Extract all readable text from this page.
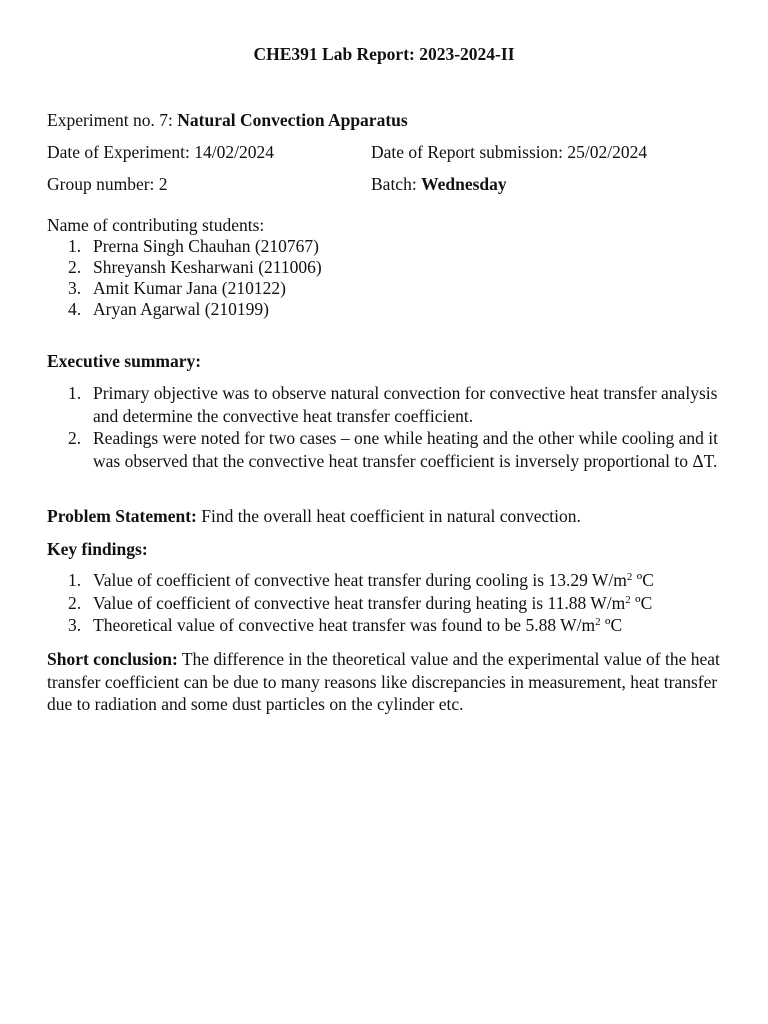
CHE391 Lab Report: 2023-2024-II
Experiment no. 7: Natural Convection Apparatus
Date of Experiment: 14/02/2024	Date of Report submission: 25/02/2024
Group number: 2	Batch: Wednesday
Name of contributing students:
1. Prerna Singh Chauhan (210767)
2. Shreyansh Kesharwani (211006)
3. Amit Kumar Jana (210122)
4. Aryan Agarwal (210199)
Executive summary:
1. Primary objective was to observe natural convection for convective heat transfer analysis and determine the convective heat transfer coefficient.
2. Readings were noted for two cases – one while heating and the other while cooling and it was observed that the convective heat transfer coefficient is inversely proportional to ΔT.
Problem Statement: Find the overall heat coefficient in natural convection.
Key findings:
1. Value of coefficient of convective heat transfer during cooling is 13.29 $W/m^2$ ºC
2. Value of coefficient of convective heat transfer during heating is 11.88 $W/m^2$ ºC
3. Theoretical value of convective heat transfer was found to be 5.88 $W/m^2$ ºC
Short conclusion: The difference in the theoretical value and the experimental value of the heat transfer coefficient can be due to many reasons like discrepancies in measurement, heat transfer due to radiation and some dust particles on the cylinder etc.
